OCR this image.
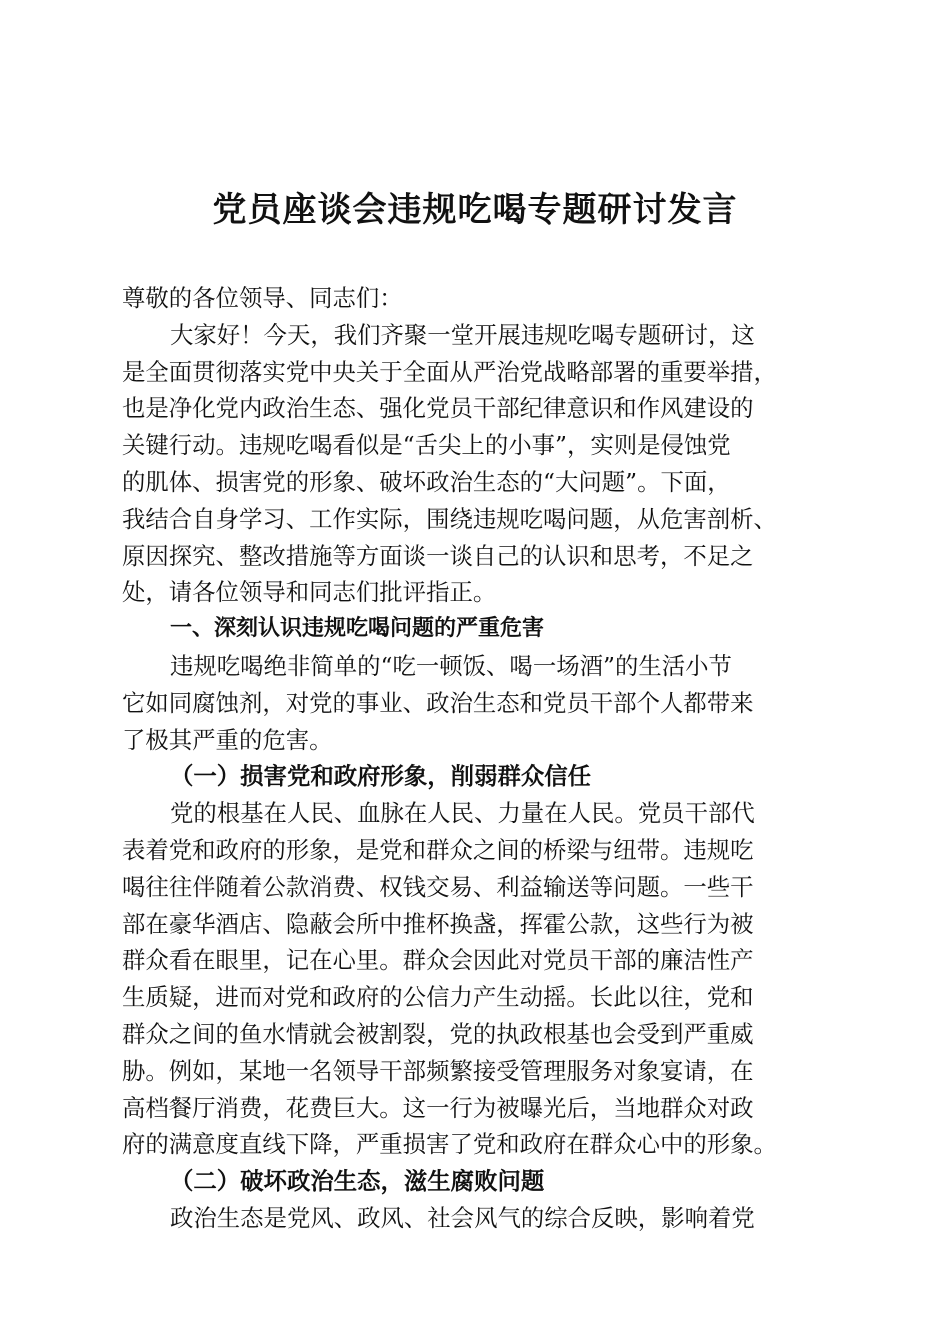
党员座谈会违规吃喝专题研讨发言

尊敬的各位领导、同志们：

大家好！今天，我们齐聚一堂开展违规吃喝专题研讨，这

是全面贯彻落实党中央关于全面从严治党战略部署的重要举措，

也是净化党内政治生态、强化党员干部纪律意识和作风建设的

关键行动。违规吃喝看似是“舌尖上的小事”，实则是侵蚀党

的肌体、损害党的形象、破坏政治生态的“大问题”。下面，

我结合自身学习、工作实际，围绕违规吃喝问题，从危害剖析、

原因探究、整改措施等方面谈一谈自己的认识和思考，不足之

处，请各位领导和同志们批评指正。

一、深刻认识违规吃喝问题的严重危害

违规吃喝绝非简单的“吃一顿饭、喝一场酒”的生活小节

它如同腐蚀剂，对党的事业、政治生态和党员干部个人都带来

了极其严重的危害。

（一）损害党和政府形象，削弱群众信任

党的根基在人民、血脉在人民、力量在人民。党员干部代

表着党和政府的形象，是党和群众之间的桥梁与纽带。违规吃

喝往往伴随着公款消费、权钱交易、利益输送等问题。一些干

部在豪华酒店、隐蔽会所中推杯换盏，挥霍公款，这些行为被

群众看在眼里，记在心里。群众会因此对党员干部的廉洁性产

生质疑，进而对党和政府的公信力产生动摇。长此以往，党和

群众之间的鱼水情就会被割裂，党的执政根基也会受到严重威

胁。例如，某地一名领导干部频繁接受管理服务对象宴请，在

高档餐厅消费，花费巨大。这一行为被曝光后，当地群众对政

府的满意度直线下降，严重损害了党和政府在群众心中的形象。

（二）破坏政治生态，滋生腐败问题

政治生态是党风、政风、社会风气的综合反映，影响着党
